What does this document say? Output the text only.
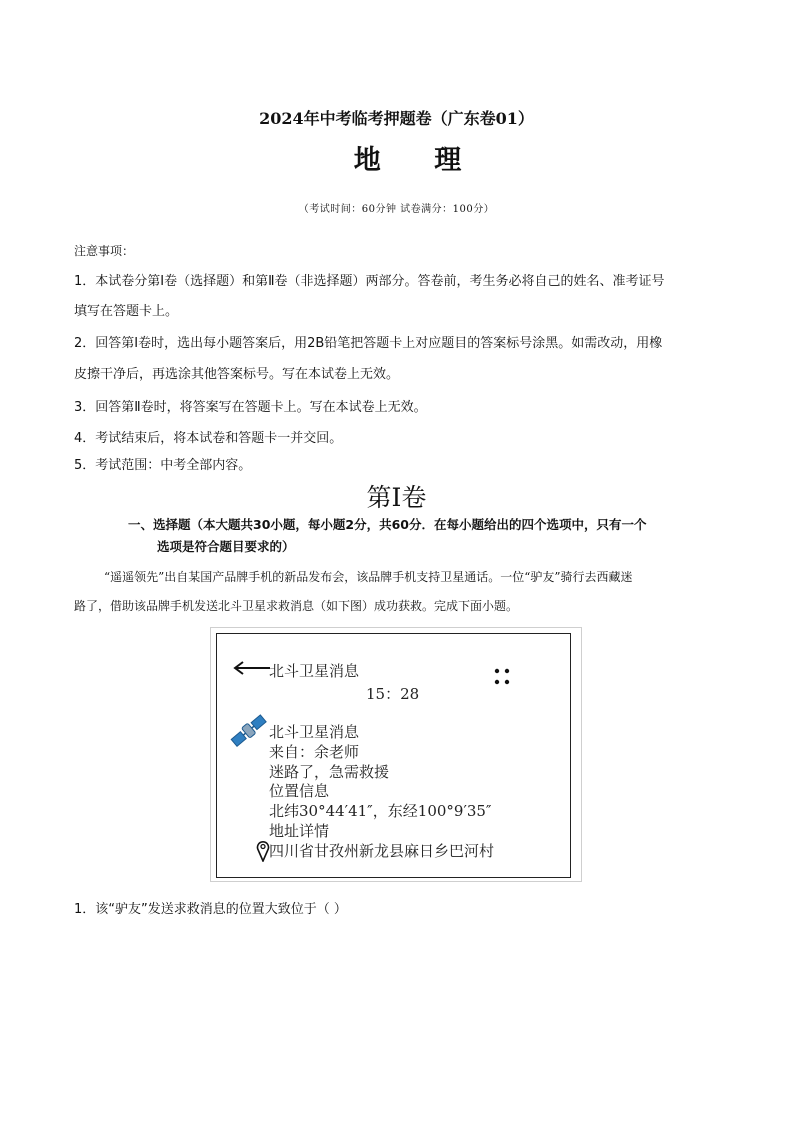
2024年中考临考押题卷（广东卷01）
地 理
（考试时间：60分钟 试卷满分：100分）
注意事项：
1．本试卷分第Ⅰ卷（选择题）和第Ⅱ卷（非选择题）两部分。答卷前，考生务必将自己的姓名、准考证号
填写在答题卡上。
2．回答第Ⅰ卷时，选出每小题答案后，用2B铅笔把答题卡上对应题目的答案标号涂黑。如需改动，用橡
皮擦干净后，再选涂其他答案标号。写在本试卷上无效。
3．回答第Ⅱ卷时，将答案写在答题卡上。写在本试卷上无效。
4．考试结束后，将本试卷和答题卡一并交回。
5．考试范围：中考全部内容。
第Ⅰ卷
一、选择题（本大题共30小题，每小题2分，共60分．在每小题给出的四个选项中，只有一个
选项是符合题目要求的）
“遥遥领先”出自某国产品牌手机的新品发布会，该品牌手机支持卫星通话。一位“驴友”骑行去西藏迷
路了，借助该品牌手机发送北斗卫星求救消息（如下图）成功获救。完成下面小题。
北斗卫星消息
15：28
北斗卫星消息
来自：余老师
迷路了，急需救援
位置信息
北纬30°44′41″，东经100°9′35″
地址详情
四川省甘孜州新龙县麻日乡巴河村
1．该“驴友”发送求救消息的位置大致位于（ ）
